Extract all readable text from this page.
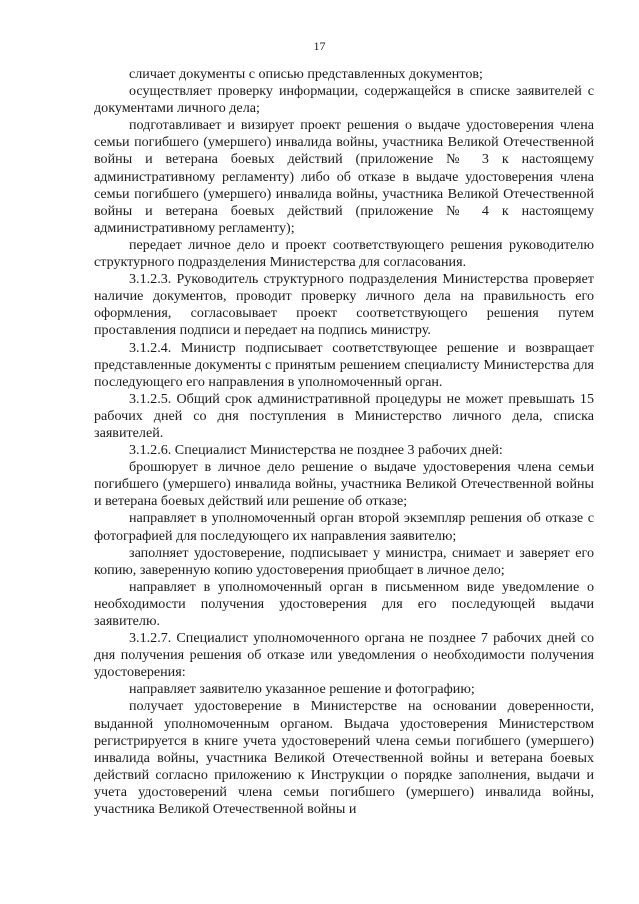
17

сличает документы с описью представленных документов;

осуществляет проверку информации, содержащейся в списке заявителей с документами личного дела;

подготавливает и визирует проект решения о выдаче удостоверения члена семьи погибшего (умершего) инвалида войны, участника Великой Отечественной войны и ветерана боевых действий (приложение № 3 к настоящему административному регламенту) либо об отказе в выдаче удостоверения члена семьи погибшего (умершего) инвалида войны, участника Великой Отечественной войны и ветерана боевых действий (приложение № 4 к настоящему административному регламенту);

передает личное дело и проект соответствующего решения руководителю структурного подразделения Министерства для согласования.

3.1.2.3. Руководитель структурного подразделения Министерства проверяет наличие документов, проводит проверку личного дела на правильность его оформления, согласовывает проект соответствующего решения путем проставления подписи и передает на подпись министру.

3.1.2.4. Министр подписывает соответствующее решение и возвращает представленные документы с принятым решением специалисту Министерства для последующего его направления в уполномоченный орган.

3.1.2.5. Общий срок административной процедуры не может превышать 15 рабочих дней со дня поступления в Министерство личного дела, списка заявителей.

3.1.2.6. Специалист Министерства не позднее 3 рабочих дней:

брошюрует в личное дело решение о выдаче удостоверения члена семьи погибшего (умершего) инвалида войны, участника Великой Отечественной войны и ветерана боевых действий или решение об отказе;

направляет в уполномоченный орган второй экземпляр решения об отказе с фотографией для последующего их направления заявителю;

заполняет удостоверение, подписывает у министра, снимает и заверяет его копию, заверенную копию удостоверения приобщает в личное дело;

направляет в уполномоченный орган в письменном виде уведомление о необходимости получения удостоверения для его последующей выдачи заявителю.

3.1.2.7. Специалист уполномоченного органа не позднее 7 рабочих дней со дня получения решения об отказе или уведомления о необходимости получения удостоверения:

направляет заявителю указанное решение и фотографию;

получает удостоверение в Министерстве на основании доверенности, выданной уполномоченным органом. Выдача удостоверения Министерством регистрируется в книге учета удостоверений члена семьи погибшего (умершего) инвалида войны, участника Великой Отечественной войны и ветерана боевых действий согласно приложению к Инструкции о порядке заполнения, выдачи и учета удостоверений члена семьи погибшего (умершего) инвалида войны, участника Великой Отечественной войны и
